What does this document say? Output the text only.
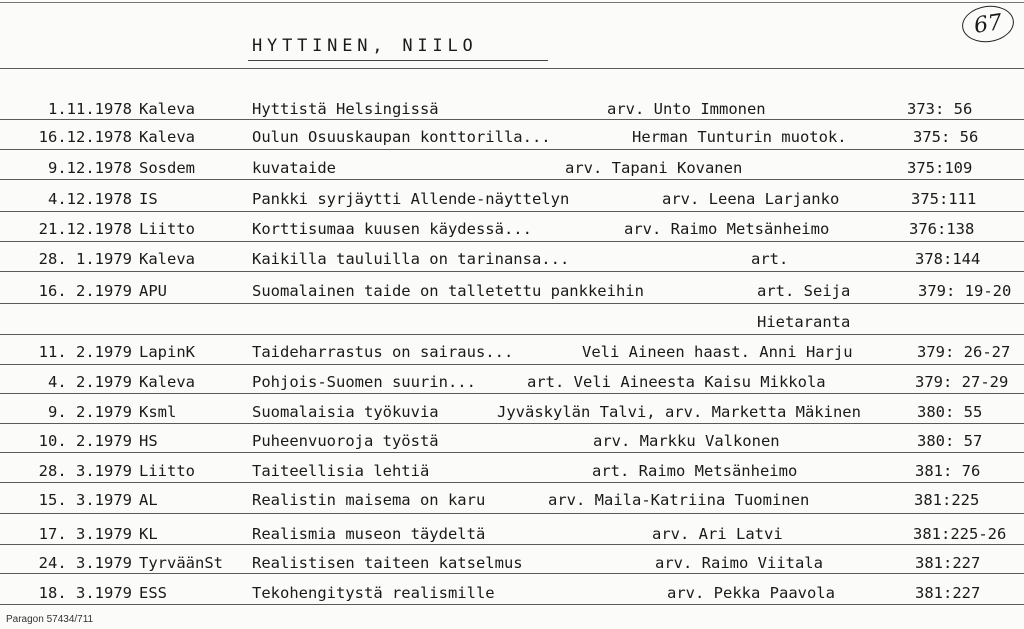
HYTTINEN, NIILO
67
1.11.1978 Kaleva	Hyttistä Helsingissä	arv. Unto Immonen	373: 56
16.12.1978 Kaleva	Oulun Osuuskaupan konttorilla...	Herman Tunturin muotok.	375: 56
9.12.1978 Sosdem	kuvataide	arv. Tapani Kovanen	375:109
4.12.1978 IS	Pankki syrjäytti Allende-näyttelyn	arv. Leena Larjanko	375:111
21.12.1978 Liitto	Korttisumaa kuusen käydessä...	arv. Raimo Metsänheimo	376:138
28. 1.1979 Kaleva	Kaikilla tauluilla on tarinansa...	art.	378:144
16. 2.1979 APU	Suomalainen taide on talletettu pankkeihin	art. Seija	379: 19-20
Hietaranta
11. 2.1979 LapinK	Taideharrastus on sairaus...	Veli Aineen haast. Anni Harju	379: 26-27
4. 2.1979 Kaleva	Pohjois-Suomen suurin...	art. Veli Aineesta Kaisu Mikkola	379: 27-29
9. 2.1979 Ksml	Suomalaisia työkuvia	Jyväskylän Talvi, arv. Marketta Mäkinen	380: 55
10. 2.1979 HS	Puheenvuoroja työstä	arv. Markku Valkonen	380: 57
28. 3.1979 Liitto	Taiteellisia lehtiä	art. Raimo Metsänheimo	381: 76
15. 3.1979 AL	Realistin maisema on karu	arv. Maila-Katriina Tuominen	381:225
17. 3.1979 KL	Realismia museon täydeltä	arv. Ari Latvi	381:225-26
24. 3.1979 TyrväänSt Realistisen taiteen katselmus	arv. Raimo Viitala	381:227
18. 3.1979 ESS	Tekohengitystä realismille	arv. Pekka Paavola	381:227
Paragon 57434/711
